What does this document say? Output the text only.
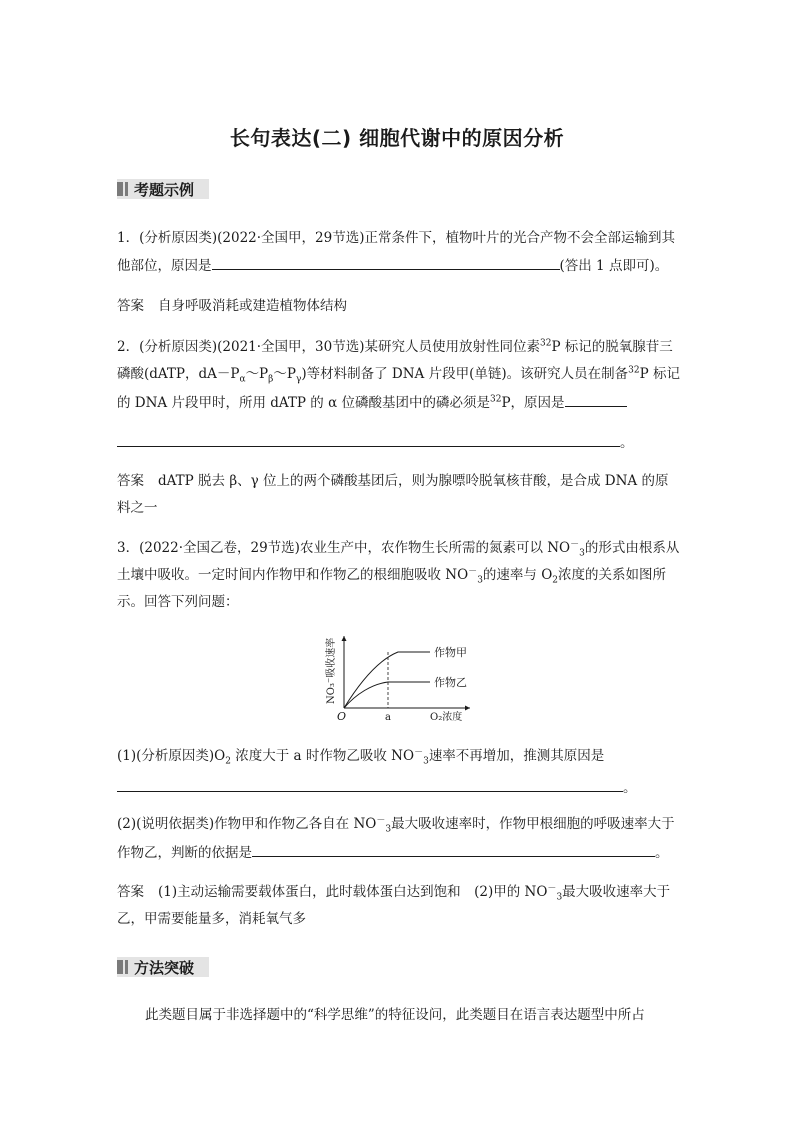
长句表达(二) 细胞代谢中的原因分析
考题示例
1．(分析原因类)(2022·全国甲，29节选)正常条件下，植物叶片的光合产物不会全部运输到其
他部位，原因是	(答出 1 点即可)。
答案 自身呼吸消耗或建造植物体结构
2．(分析原因类)(2021·全国甲，30节选)某研究人员使用放射性同位素$^{32}$P 标记的脱氧腺苷三
磷酸(dATP，$dA-P_\alpha\sim P_\beta\sim P_\gamma$)等材料制备了 DNA 片段甲(单链)。该研究人员在制备$^{32}$P 标记
的 DNA 片段甲时，所用 dATP 的 α 位磷酸基团中的磷必须是$^{32}$P，原因是
。
答案 dATP 脱去 β、γ 位上的两个磷酸基团后，则为腺嘌呤脱氧核苷酸，是合成 DNA 的原
料之一
3．(2022·全国乙卷，29节选)农业生产中，农作物生长所需的氮素可以 $NO^-_3$的形式由根系从
土壤中吸收。一定时间内作物甲和作物乙的根细胞吸收 $NO^-_3$的速率与 $O_2$浓度的关系如图所
示。回答下列问题：
作物甲
作物乙
O	a	O₂浓度
NO₃⁻吸收速率
(1)(分析原因类)$O_2$ 浓度大于 a 时作物乙吸收 $NO^-_3$速率不再增加，推测其原因是
。
(2)(说明依据类)作物甲和作物乙各自在 $NO^-_3$最大吸收速率时，作物甲根细胞的呼吸速率大于
作物乙，判断的依据是	。
答案 (1)主动运输需要载体蛋白，此时载体蛋白达到饱和　(2)甲的 $NO^-_3$最大吸收速率大于
乙，甲需要能量多，消耗氧气多
方法突破
此类题目属于非选择题中的“科学思维”的特征设问，此类题目在语言表达题型中所占
